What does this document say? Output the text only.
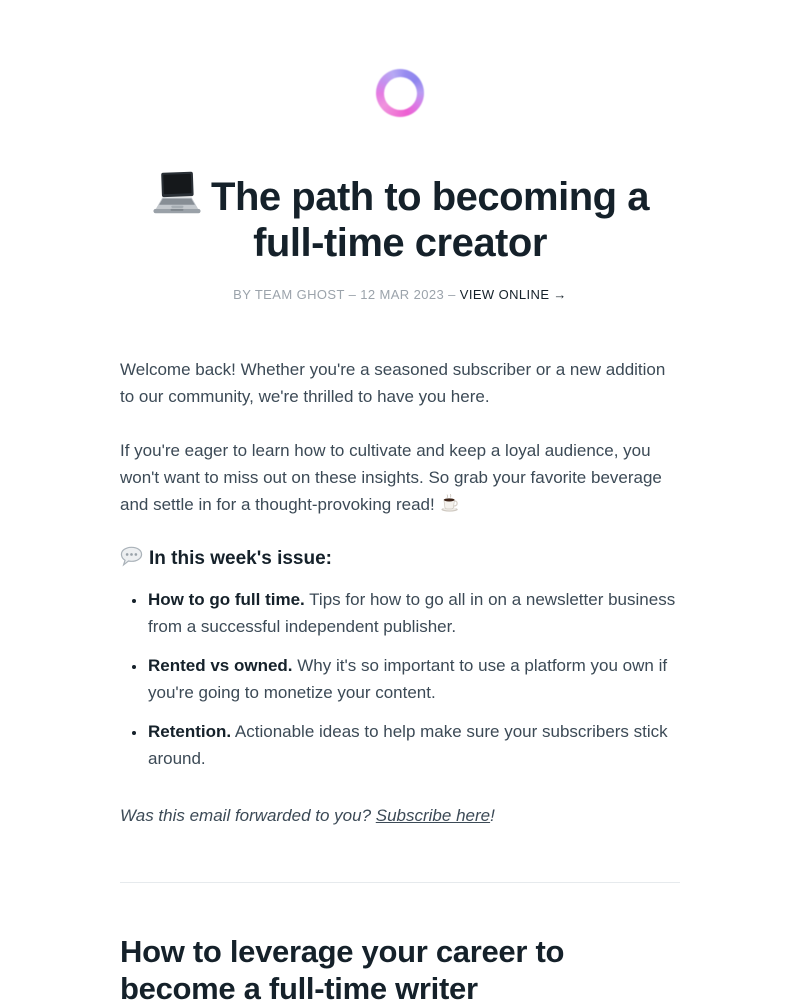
The path to becoming a full-time creator
BY TEAM GHOST – 12 MAR 2023 – VIEW ONLINE →

Welcome back! Whether you're a seasoned subscriber or a new addition to our community, we're thrilled to have you here.

If you're eager to learn how to cultivate and keep a loyal audience, you won't want to miss out on these insights. So grab your favorite beverage and settle in for a thought-provoking read!

In this week's issue:
• How to go full time. Tips for how to go all in on a newsletter business from a successful independent publisher.
• Rented vs owned. Why it's so important to use a platform you own if you're going to monetize your content.
• Retention. Actionable ideas to help make sure your subscribers stick around.

Was this email forwarded to you? Subscribe here!

How to leverage your career to become a full-time writer
